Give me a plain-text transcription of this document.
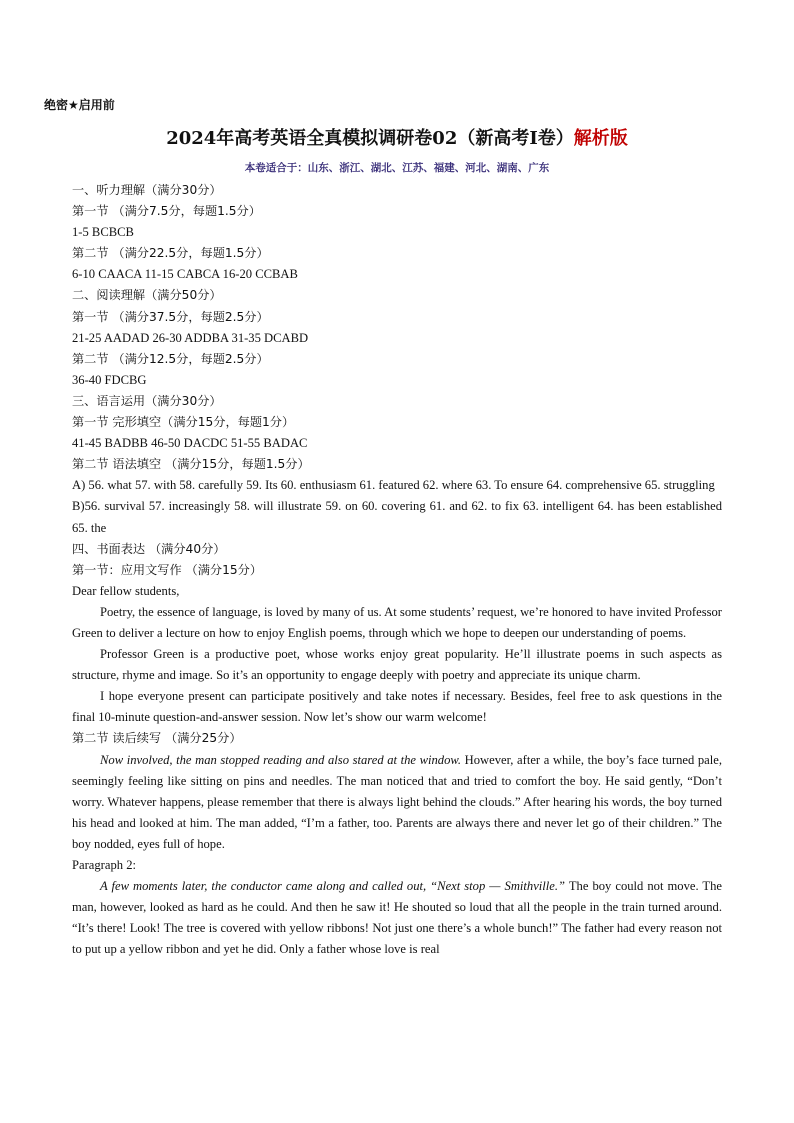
绝密★启用前
2024年高考英语全真模拟调研卷02（新高考I卷）解析版
本卷适合于：山东、浙江、湖北、江苏、福建、河北、湖南、广东

一、听力理解（满分30分）

第一节 （满分7.5分，每题1.5分）

1-5 BCBCB

第二节 （满分22.5分，每题1.5分）

6-10 CAACA 11-15 CABCA 16-20 CCBAB

二、阅读理解（满分50分）

第一节 （满分37.5分，每题2.5分）

21-25 AADAD 26-30 ADDBA 31-35 DCABD

第二节 （满分12.5分，每题2.5分）

36-40 FDCBG

三、语言运用（满分30分）

第一节 完形填空（满分15分，每题1分）

41-45 BADBB 46-50 DACDC 51-55 BADAC

第二节 语法填空 （满分15分，每题1.5分）

A) 56. what 57. with 58. carefully 59. Its 60. enthusiasm 61. featured 62. where 63. To ensure 64. comprehensive 65. struggling

B)56. survival 57. increasingly 58. will illustrate 59. on 60. covering 61. and 62. to fix 63. intelligent 64. has been established 65. the

四、书面表达 （满分40分）

第一节：应用文写作 （满分15分）

Dear fellow students,

Poetry, the essence of language, is loved by many of us. At some students’ request, we’re honored to have invited Professor Green to deliver a lecture on how to enjoy English poems, through which we hope to deepen our understanding of poems.

Professor Green is a productive poet, whose works enjoy great popularity. He’ll illustrate poems in such aspects as structure, rhyme and image. So it’s an opportunity to engage deeply with poetry and appreciate its unique charm.

I hope everyone present can participate positively and take notes if necessary. Besides, feel free to ask questions in the final 10-minute question-and-answer session. Now let’s show our warm welcome!

第二节 读后续写 （满分25分）

Now involved, the man stopped reading and also stared at the window. However, after a while, the boy’s face turned pale, seemingly feeling like sitting on pins and needles. The man noticed that and tried to comfort the boy. He said gently, “Don’t worry. Whatever happens, please remember that there is always light behind the clouds.” After hearing his words, the boy turned his head and looked at him. The man added, “I’m a father, too. Parents are always there and never let go of their children.” The boy nodded, eyes full of hope.

Paragraph 2:

A few moments later, the conductor came along and called out, “Next stop — Smithville.” The boy could not move. The man, however, looked as hard as he could. And then he saw it! He shouted so loud that all the people in the train turned around. “It’s there! Look! The tree is covered with yellow ribbons! Not just one there’s a whole bunch!” The father had every reason not to put up a yellow ribbon and yet he did. Only a father whose love is real
